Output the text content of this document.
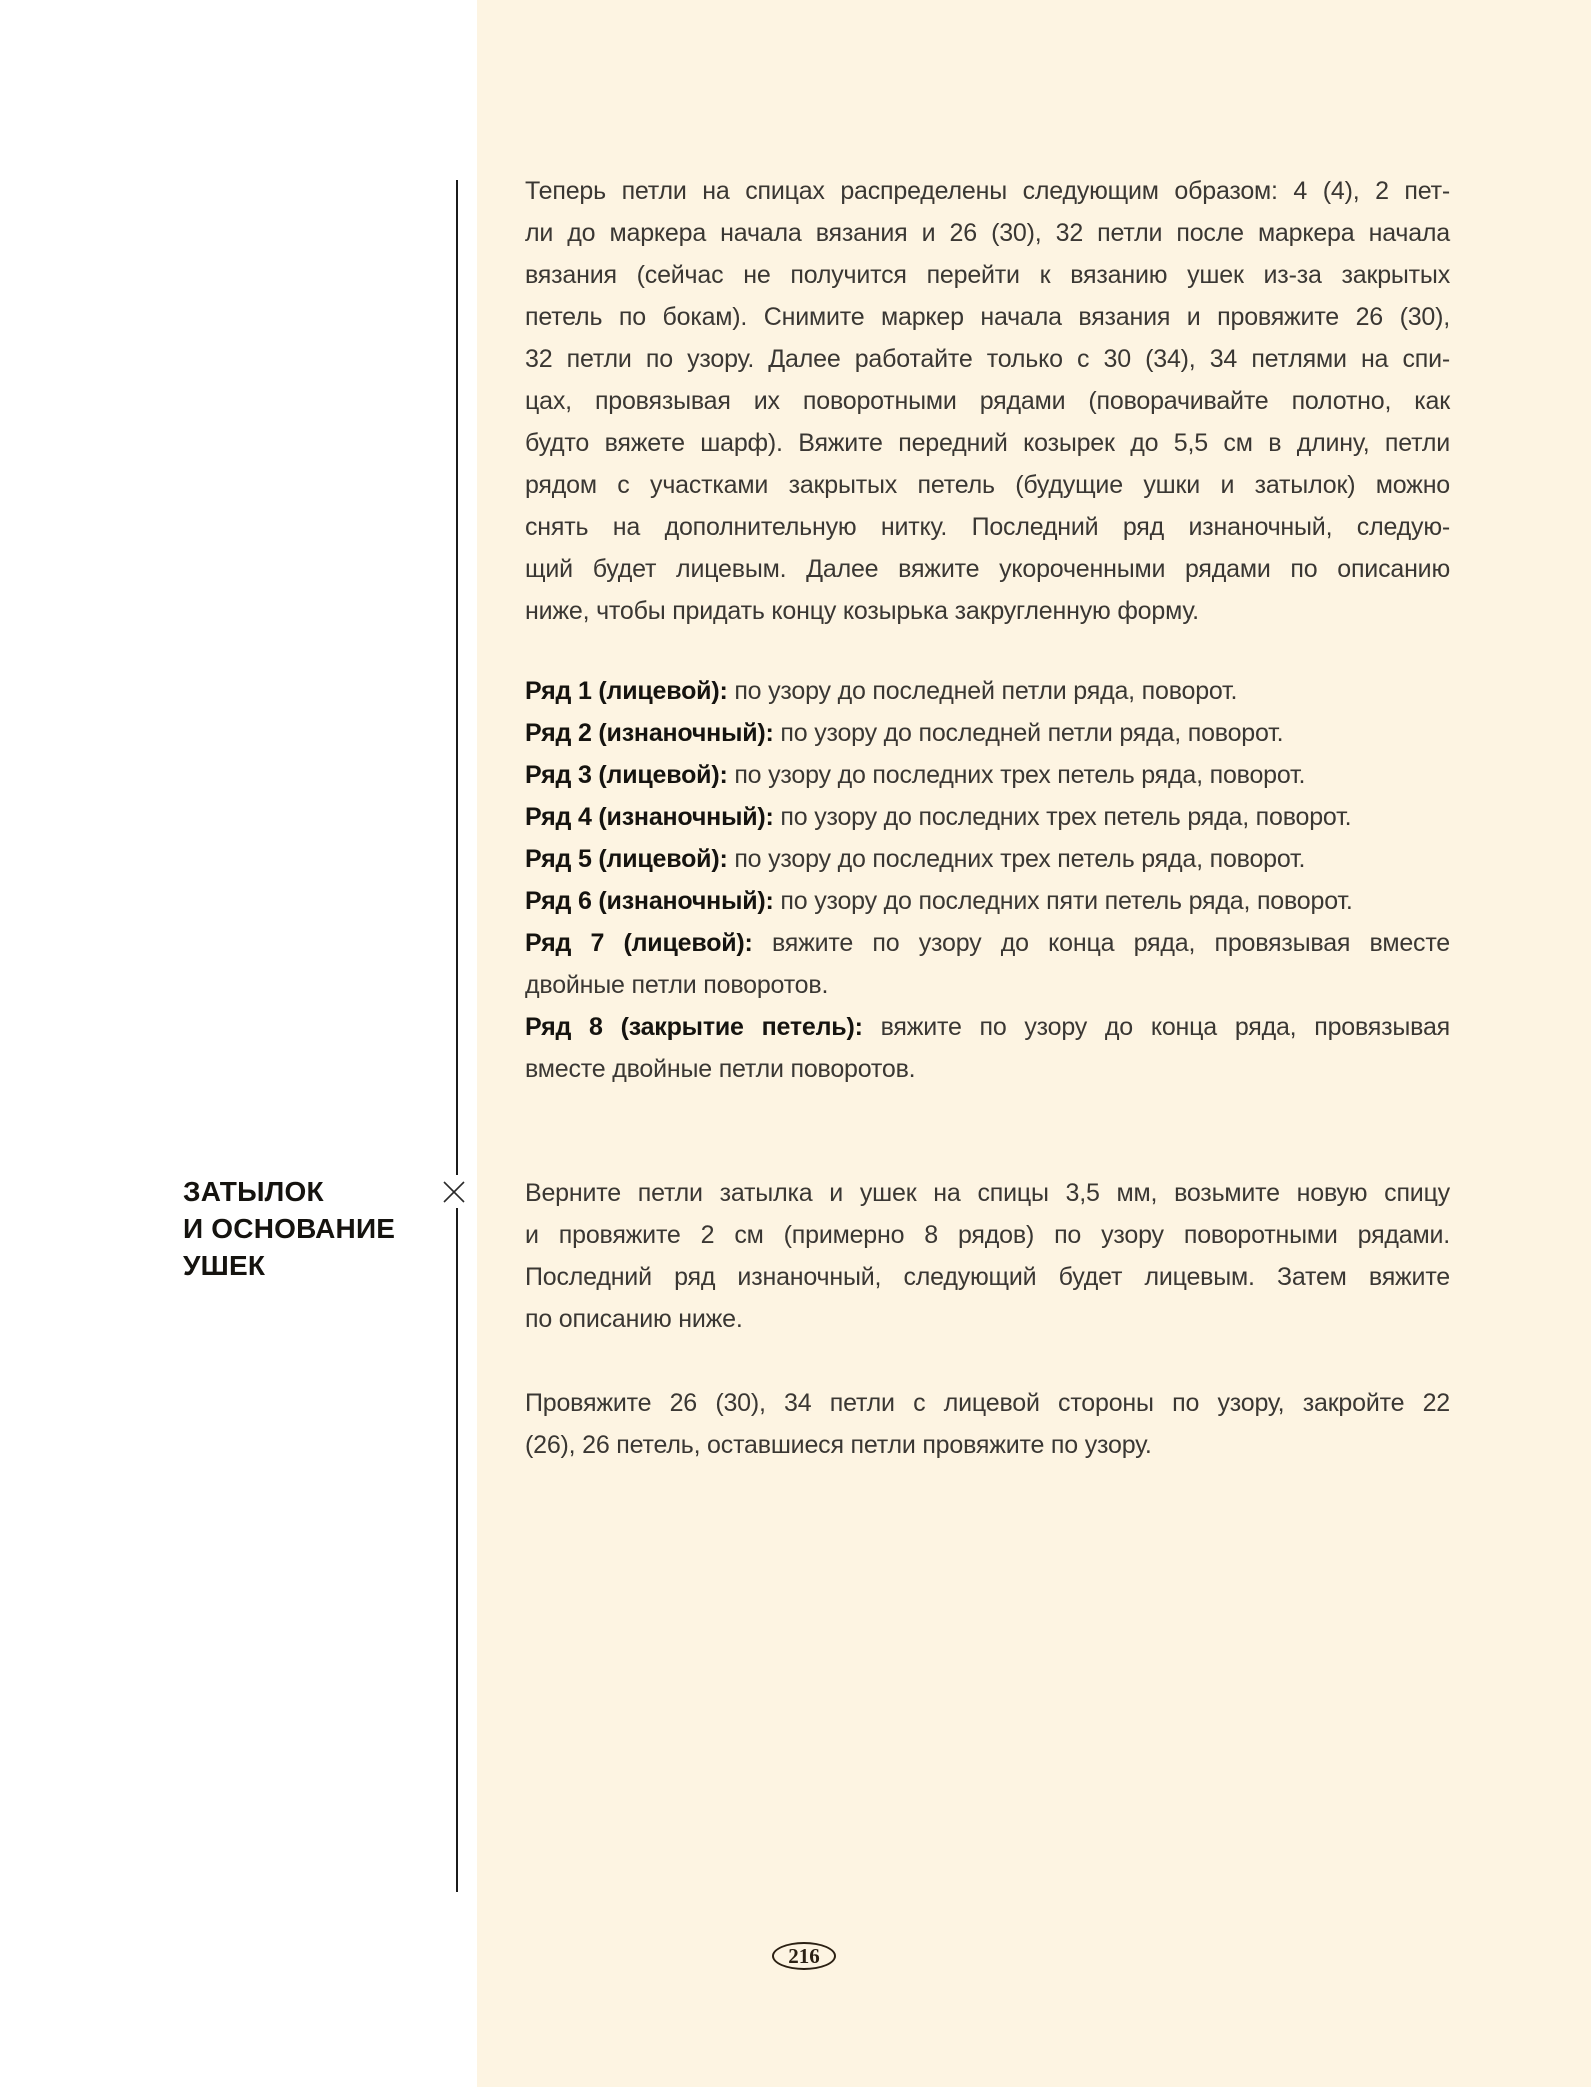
ЗАТЫЛОК
И ОСНОВАНИЕ
УШЕК
Теперь петли на спицах распределены следующим образом: 4 (4), 2 пет-
ли до маркера начала вязания и 26 (30), 32 петли после маркера начала
вязания (сейчас не получится перейти к вязанию ушек из-за закрытых
петель по бокам). Снимите маркер начала вязания и провяжите 26 (30),
32 петли по узору. Далее работайте только с 30 (34), 34 петлями на спи-
цах, провязывая их поворотными рядами (поворачивайте полотно, как
будто вяжете шарф). Вяжите передний козырек до 5,5 см в длину, петли
рядом с участками закрытых петель (будущие ушки и затылок) можно
снять на дополнительную нитку. Последний ряд изнаночный, следую-
щий будет лицевым. Далее вяжите укороченными рядами по описанию
ниже, чтобы придать концу козырька закругленную форму.
Ряд 1 (лицевой): по узору до последней петли ряда, поворот.
Ряд 2 (изнаночный): по узору до последней петли ряда, поворот.
Ряд 3 (лицевой): по узору до последних трех петель ряда, поворот.
Ряд 4 (изнаночный): по узору до последних трех петель ряда, поворот.
Ряд 5 (лицевой): по узору до последних трех петель ряда, поворот.
Ряд 6 (изнаночный): по узору до последних пяти петель ряда, поворот.
Ряд 7 (лицевой): вяжите по узору до конца ряда, провязывая вместе
двойные петли поворотов.
Ряд 8 (закрытие петель): вяжите по узору до конца ряда, провязывая
вместе двойные петли поворотов.
Верните петли затылка и ушек на спицы 3,5 мм, возьмите новую спицу
и провяжите 2 см (примерно 8 рядов) по узору поворотными рядами.
Последний ряд изнаночный, следующий будет лицевым. Затем вяжите
по описанию ниже.
Провяжите 26 (30), 34 петли с лицевой стороны по узору, закройте 22
(26), 26 петель, оставшиеся петли провяжите по узору.
216
